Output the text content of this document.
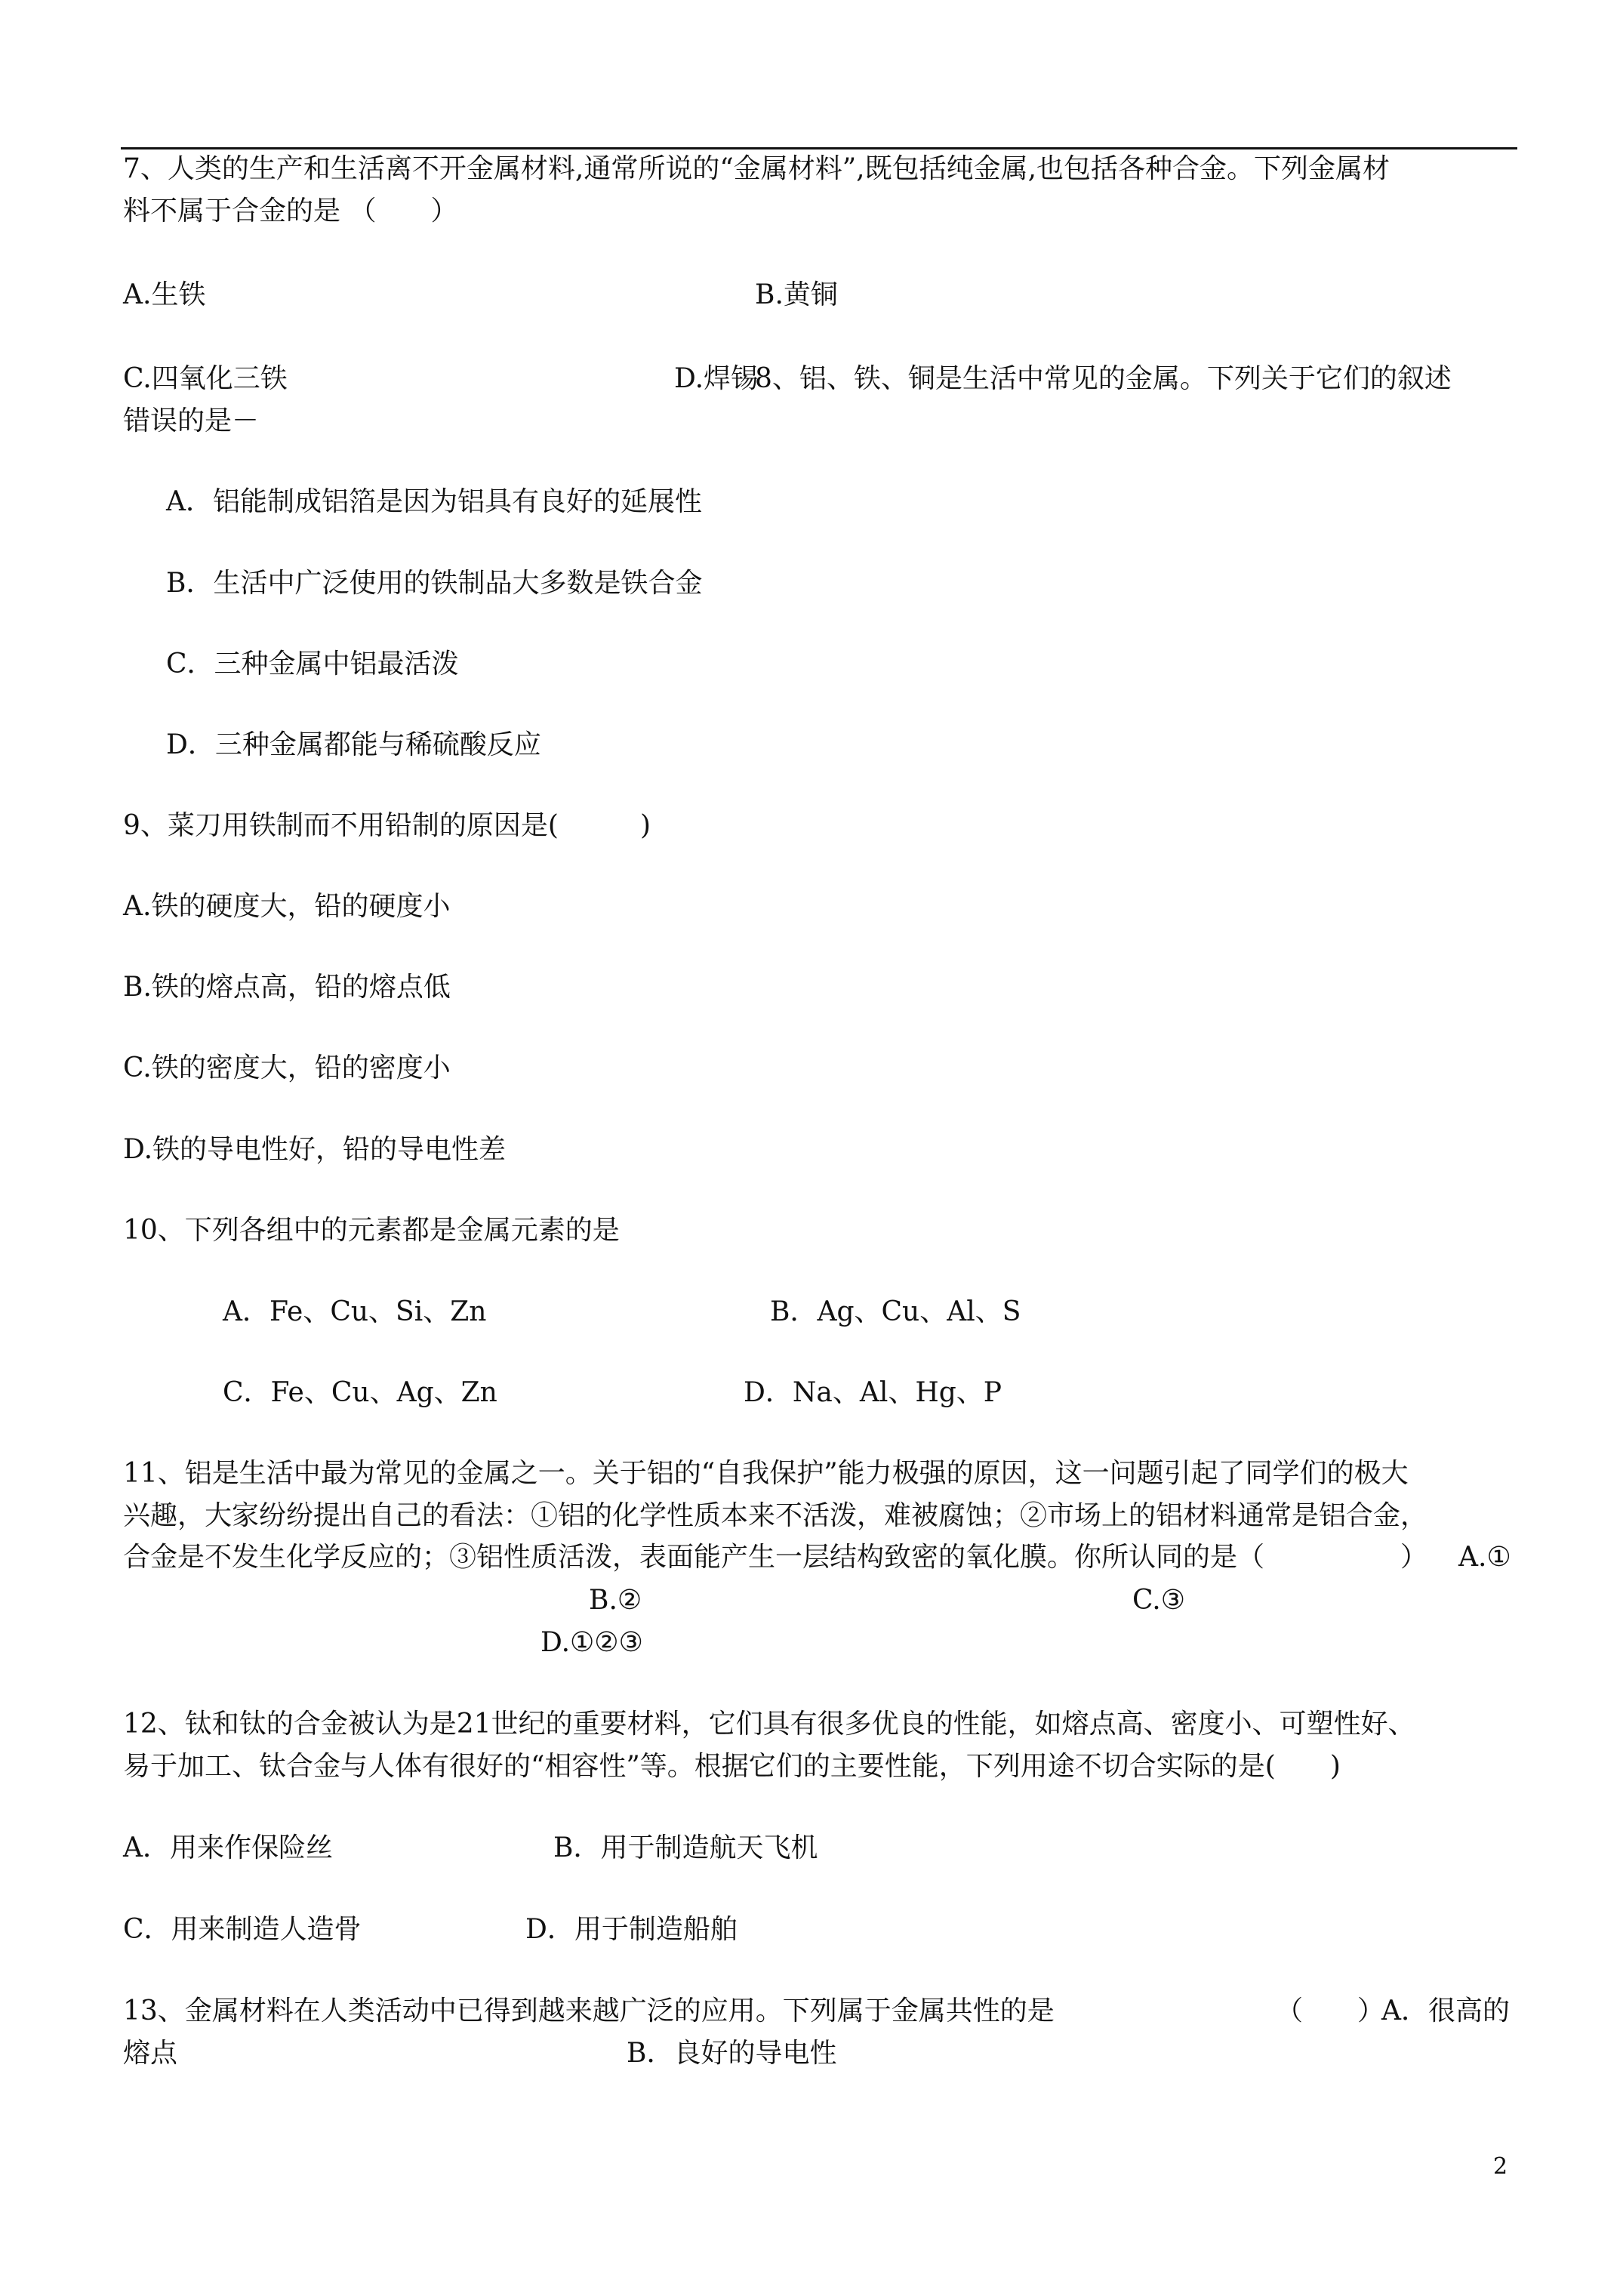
7、人类的生产和生活离不开金属材料,通常所说的“金属材料”,既包括纯金属,也包括各种合金。下列金属材
料不属于合金的是 （　　）
A.生铁	B.黄铜
C.四氧化三铁	D.焊锡
8、铝、铁、铜是生活中常见的金属。下列关于它们的叙述
错误的是－
A．铝能制成铝箔是因为铝具有良好的延展性
B．生活中广泛使用的铁制品大多数是铁合金
C．三种金属中铝最活泼
D．三种金属都能与稀硫酸反应
9、菜刀用铁制而不用铅制的原因是(　　　)
A.铁的硬度大，铅的硬度小
B.铁的熔点高，铅的熔点低
C.铁的密度大，铅的密度小
D.铁的导电性好，铅的导电性差
10、下列各组中的元素都是金属元素的是
A．Fe、Cu、Si、Zn	B．Ag、Cu、Al、S
C．Fe、Cu、Ag、Zn	D．Na、Al、Hg、P
11、铝是生活中最为常见的金属之一。关于铝的“自我保护”能力极强的原因，这一问题引起了同学们的极大
兴趣，大家纷纷提出自己的看法：①铝的化学性质本来不活泼，难被腐蚀；②市场上的铝材料通常是铝合金，
合金是不发生化学反应的；③铝性质活泼，表面能产生一层结构致密的氧化膜。你所认同的是（　　　　　） A.①
B.②	C.③
D.①②③
12、钛和钛的合金被认为是21世纪的重要材料，它们具有很多优良的性能，如熔点高、密度小、可塑性好、
易于加工、钛合金与人体有很好的“相容性”等。根据它们的主要性能，下列用途不切合实际的是(　　)
A．用来作保险丝	B．用于制造航天飞机
C．用来制造人造骨	D．用于制造船舶
13、金属材料在人类活动中已得到越来越广泛的应用。下列属于金属共性的是	（　　）
A．很高的
熔点	B．良好的导电性
2
